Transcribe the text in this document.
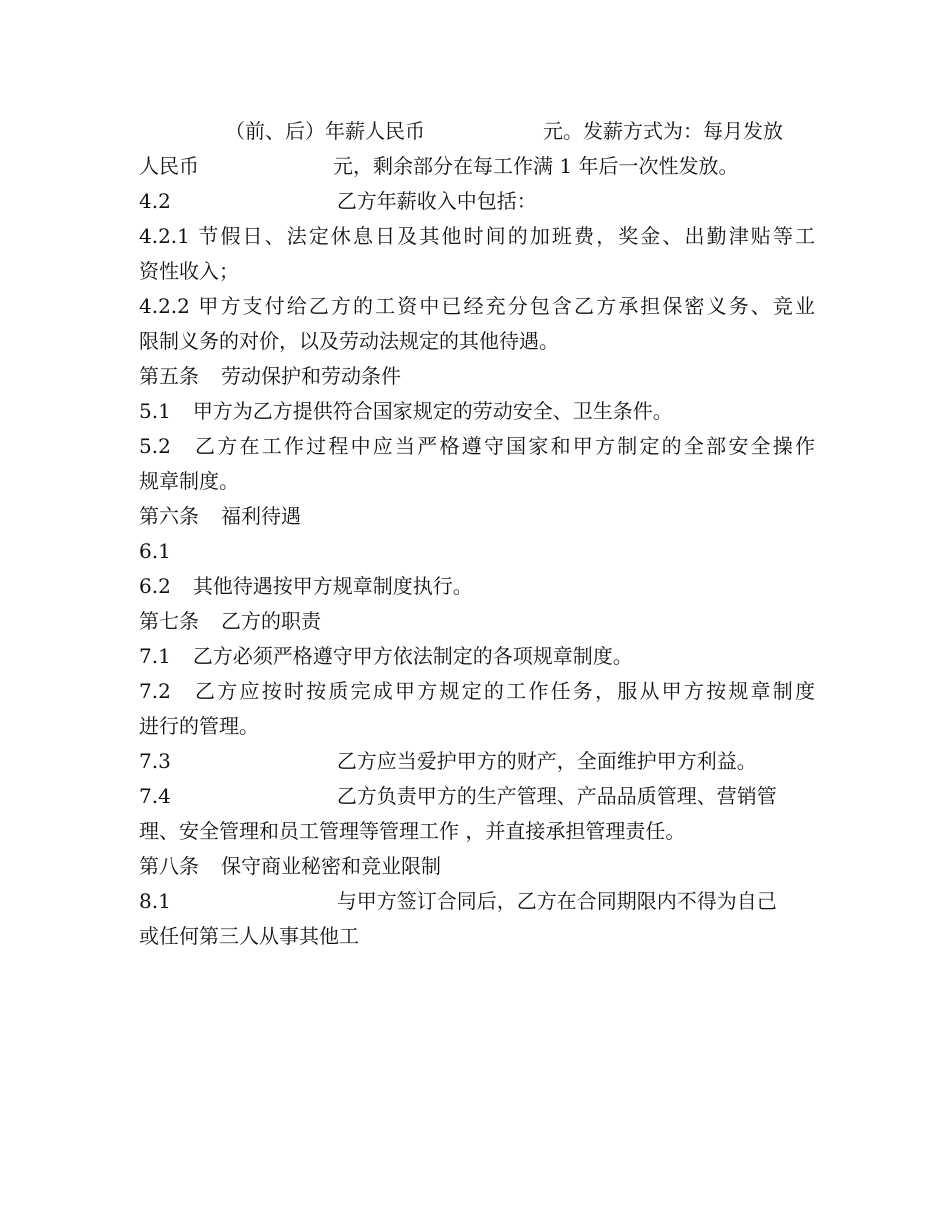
（前、后）年薪人民币	元。发薪方式为：每月发放
人民币	元，剩余部分在每工作满 1 年后一次性发放。
4.2	乙方年薪收入中包括：
4.2.1 节假日、法定休息日及其他时间的加班费，奖金、出勤津贴等工
资性收入；
4.2.2 甲方支付给乙方的工资中已经充分包含乙方承担保密义务、竞业
限制义务的对价，以及劳动法规定的其他待遇。
第五条 劳动保护和劳动条件
5.1 甲方为乙方提供符合国家规定的劳动安全、卫生条件。
5.2 乙方在工作过程中应当严格遵守国家和甲方制定的全部安全操作
规章制度。
第六条 福利待遇
6.1
6.2 其他待遇按甲方规章制度执行。
第七条 乙方的职责
7.1 乙方必须严格遵守甲方依法制定的各项规章制度。
7.2 乙方应按时按质完成甲方规定的工作任务，服从甲方按规章制度
进行的管理。
7.3	乙方应当爱护甲方的财产，全面维护甲方利益。
7.4	乙方负责甲方的生产管理、产品品质管理、营销管
理、安全管理和员工管理等管理工作 ，并直接承担管理责任。
第八条 保守商业秘密和竞业限制
8.1	与甲方签订合同后，乙方在合同期限内不得为自己
或任何第三人从事其他工
